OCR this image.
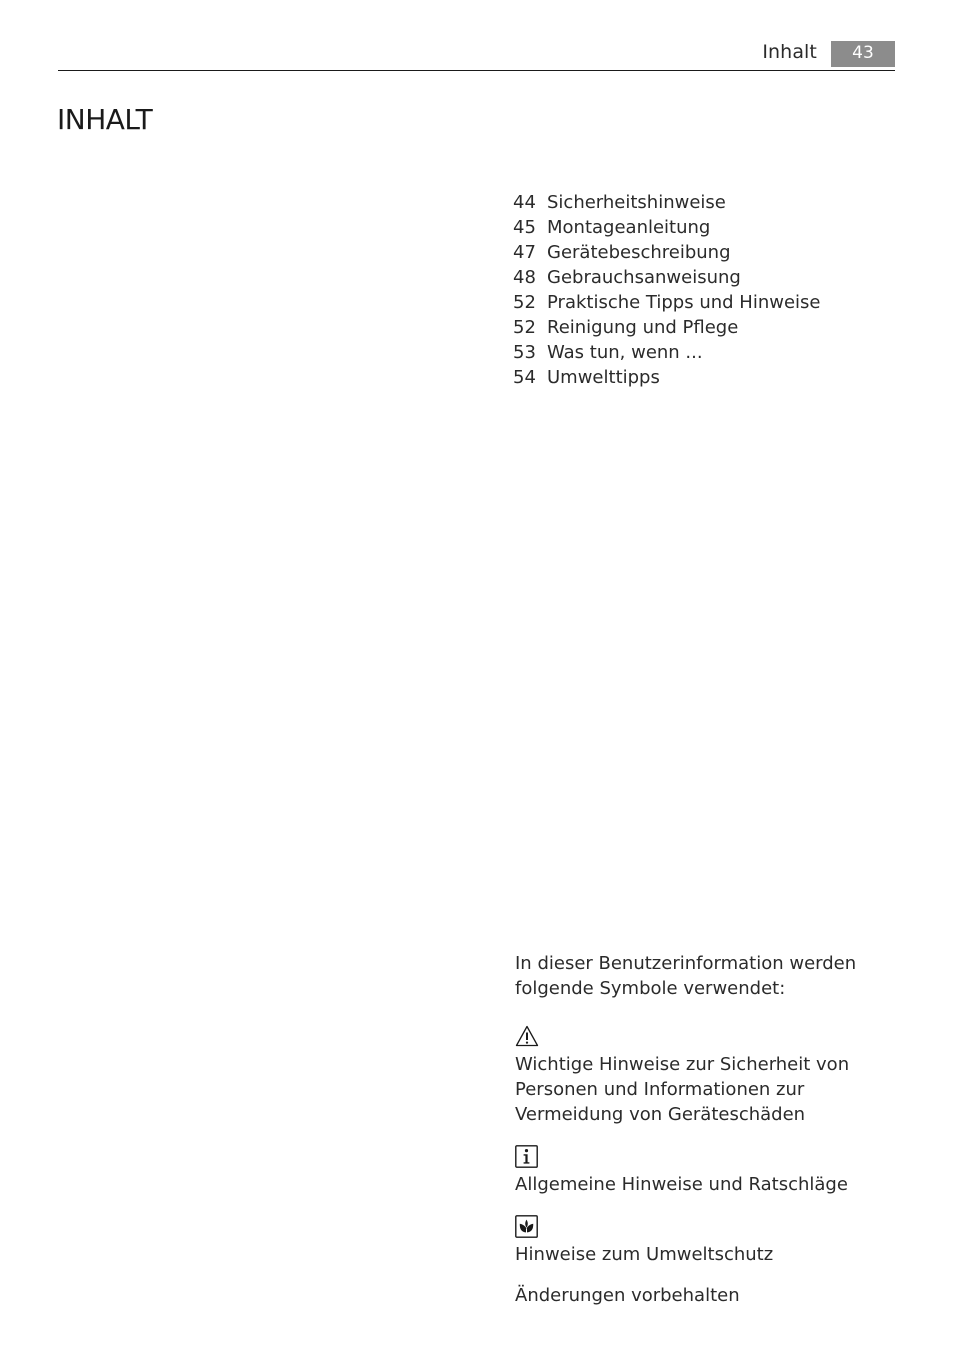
Inhalt	43
INHALT
44 Sicherheitshinweise
45 Montageanleitung
47 Gerätebeschreibung
48 Gebrauchsanweisung
52 Praktische Tipps und Hinweise
52 Reinigung und Pflege
53 Was tun, wenn ...
54 Umwelttipps

In dieser Benutzerinformation werden folgende Symbole verwendet:

Wichtige Hinweise zur Sicherheit von Personen und Informationen zur Vermeidung von Geräteschäden

Allgemeine Hinweise und Ratschläge

Hinweise zum Umweltschutz

Änderungen vorbehalten
